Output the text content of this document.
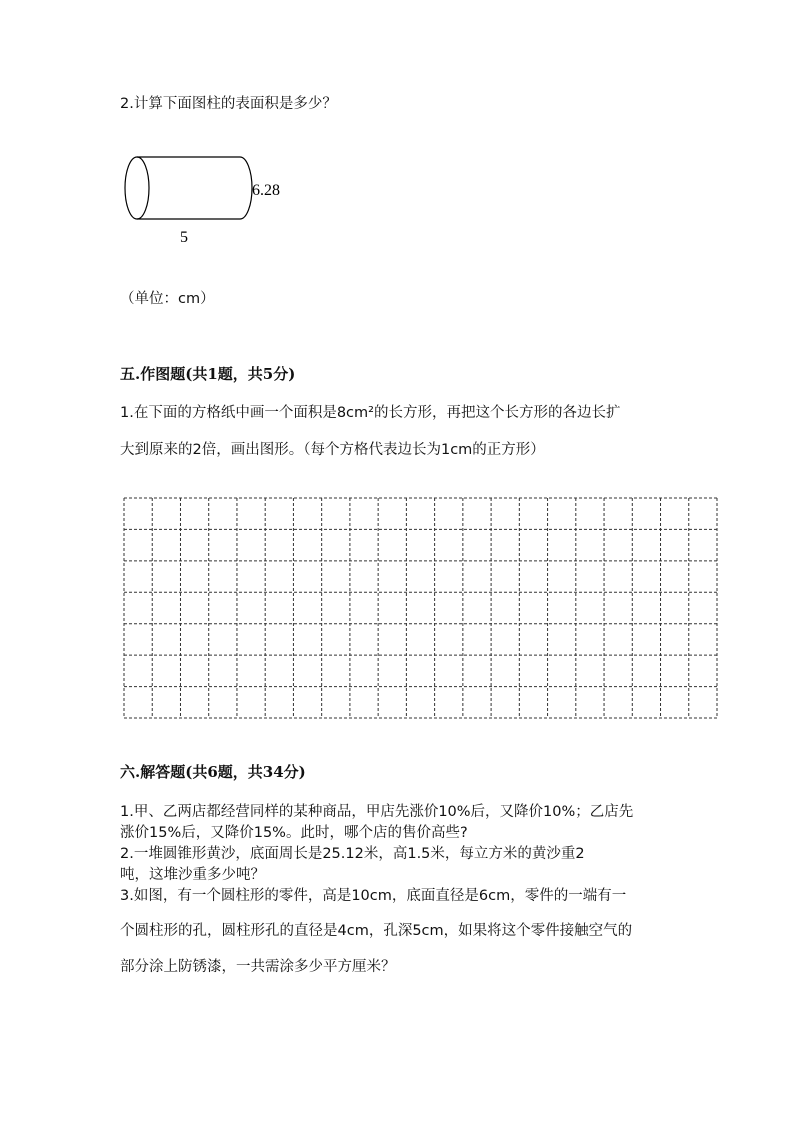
2.计算下面图柱的表面积是多少？
6.28
5
（单位：cm）
五.作图题(共1题，共5分)
1.在下面的方格纸中画一个面积是8cm²的长方形，再把这个长方形的各边长扩
大到原来的2倍，画出图形。（每个方格代表边长为1cm的正方形）
六.解答题(共6题，共34分)
1.甲、乙两店都经营同样的某种商品，甲店先涨价10%后，又降价10%；乙店先
涨价15%后，又降价15%。此时，哪个店的售价高些?
2.一堆圆锥形黄沙，底面周长是25.12米，高1.5米，每立方米的黄沙重2
吨，这堆沙重多少吨？
3.如图，有一个圆柱形的零件，高是10cm，底面直径是6cm，零件的一端有一
个圆柱形的孔，圆柱形孔的直径是4cm，孔深5cm，如果将这个零件接触空气的
部分涂上防锈漆，一共需涂多少平方厘米？
